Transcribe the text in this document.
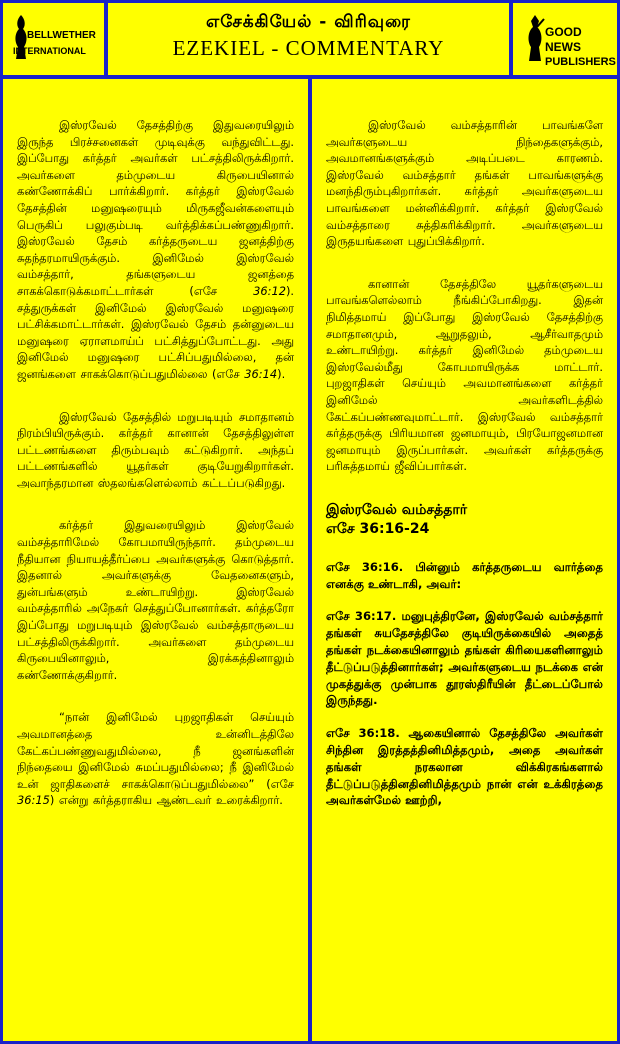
BELLWETHER
INTERNATIONAL
எசேக்கியேல் - விரிவுரை
EZEKIEL - COMMENTARY
GOOD NEWS
PUBLISHERS

இஸ்ரவேல் தேசத்திற்கு இதுவரையிலும் இருந்த பிரச்சனைகள் முடிவுக்கு வந்துவிட்டது. இப்போது கர்த்தர் அவர்கள் பட்சத்திலிருக்கிறார். அவர்களை தம்முடைய கிருபையினால் கண்ணோக்கிப் பார்க்கிறார். கர்த்தர் இஸ்ரவேல் தேசத்தின் மனுஷரையும் மிருகஜீவன்களையும் பெருகிப் பலுகும்படி வர்த்திக்கப்பண்ணுகிறார். இஸ்ரவேல் தேசம் கர்த்தருடைய ஜனத்திற்கு சுதந்தரமாயிருக்கும். இனிமேல் இஸ்ரவேல் வம்சத்தார், தங்களுடைய ஜனத்தை சாகக்கொடுக்கமாட்டார்கள் (எசே	36:12). சத்துருக்கள் இனிமேல் இஸ்ரவேல் மனுஷரை பட்சிக்கமாட்டார்கள். இஸ்ரவேல் தேசம் தன்னுடைய மனுஷரை ஏராளமாய்ப் பட்சித்துப்போட்டது. அது இனிமேல் மனுஷரை பட்சிப்பதுமில்லை, தன் ஜனங்களை சாகக்கொடுப்பதுமில்லை (எசே 36:14).

இஸ்ரவேல் தேசத்தில் மறுபடியும் சமாதானம் நிரம்பியிருக்கும். கர்த்தர் கானான் தேசத்திலுள்ள பட்டணங்களை திரும்பவும் கட்டுகிறார். அந்தப் பட்டணங்களில் யூதர்கள் குடியேறுகிறார்கள். அவாந்தரமான ஸ்தலங்களெல்லாம் கட்டப்படுகிறது.

கர்த்தர் இதுவரையிலும் இஸ்ரவேல் வம்சத்தாரிமேல் கோபமாயிருந்தார். தம்முடைய நீதியான நியாயத்தீர்ப்பை அவர்களுக்கு கொடுத்தார். இதனால் அவர்களுக்கு வேதனைகளும், துன்பங்களும் உண்டாயிற்று. இஸ்ரவேல் வம்சத்தாரில் அநேகர் செத்துப்போனார்கள். கர்த்தரோ இப்போது மறுபடியும் இஸ்ரவேல் வம்சத்தாருடைய பட்சத்திலிருக்கிறார். அவர்களை தம்முடைய கிருபையினாலும், இரக்கத்தினாலும் கண்ணோக்குகிறார்.

“நான் இனிமேல் புறஜாதிகள் செய்யும் அவமானத்தை உன்னிடத்திலே கேட்கப்பண்ணுவதுமில்லை, நீ ஜனங்களின் நிந்தையை இனிமேல் சுமப்பதுமில்லை; நீ இனிமேல் உன் ஜாதிகளைச் சாகக்கொடுப்பதுமில்லை” (எசே 36:15) என்று கர்த்தராகிய ஆண்டவர் உரைக்கிறார்.

இஸ்ரவேல் வம்சத்தாரின் பாவங்களே அவர்களுடைய நிந்தைகளுக்கும், அவமானங்களுக்கும் அடிப்படை காரணம். இஸ்ரவேல் வம்சத்தார் தங்கள் பாவங்களுக்கு மனந்திரும்புகிறார்கள். கர்த்தர் அவர்களுடைய பாவங்களை மன்னிக்கிறார். கர்த்தர் இஸ்ரவேல் வம்சத்தாரை சுத்திகரிக்கிறார். அவர்களுடைய இருதயங்களை புதுப்பிக்கிறார்.

கானான் தேசத்திலே யூதர்களுடைய பாவங்களெல்லாம் நீங்கிப்போகிறது. இதன் நிமித்தமாய் இப்போது இஸ்ரவேல் தேசத்திற்கு சமாதானமும், ஆறுதலும், ஆசீர்வாதமும் உண்டாயிற்று. கர்த்தர் இனிமேல் தம்முடைய இஸ்ரவேல்மீது கோபமாயிருக்க மாட்டார். புறஜாதிகள் செய்யும் அவமானங்களை கர்த்தர் இனிமேல் அவர்களிடத்தில் கேட்கப்பண்ணவுமாட்டார். இஸ்ரவேல் வம்சத்தார் கர்த்தருக்கு பிரியமான ஜனமாயும், பிரயோஜனமான ஜனமாயும் இருப்பார்கள். அவர்கள் கர்த்தருக்கு பரிசுத்தமாய் ஜீவிப்பார்கள்.

இஸ்ரவேல் வம்சத்தார்
எசே 36:16-24
எசே 36:16. பின்னும் கர்த்தருடைய வார்த்தை எனக்கு உண்டாகி, அவர்:
எசே 36:17. மனுபுத்திரனே, இஸ்ரவேல் வம்சத்தார் தங்கள் சுயதேசத்திலே குடியிருக்கையில் அதைத் தங்கள் நடக்கையினாலும் தங்கள் கிரியைகளினாலும் தீட்டுப்படுத்தினார்கள்; அவர்களுடைய நடக்கை என் முகத்துக்கு முன்பாக தூரஸ்திரீயின் தீட்டைப்போல் இருந்தது.
எசே 36:18. ஆகையினால் தேசத்திலே அவர்கள் சிந்தின இரத்தத்தினிமித்தமும், அதை அவர்கள் தங்கள் நரகலான விக்கிரகங்களால் தீட்டுப்படுத்தினதினிமித்தமும் நான் என் உக்கிரத்தை அவர்கள்மேல் ஊற்றி,
